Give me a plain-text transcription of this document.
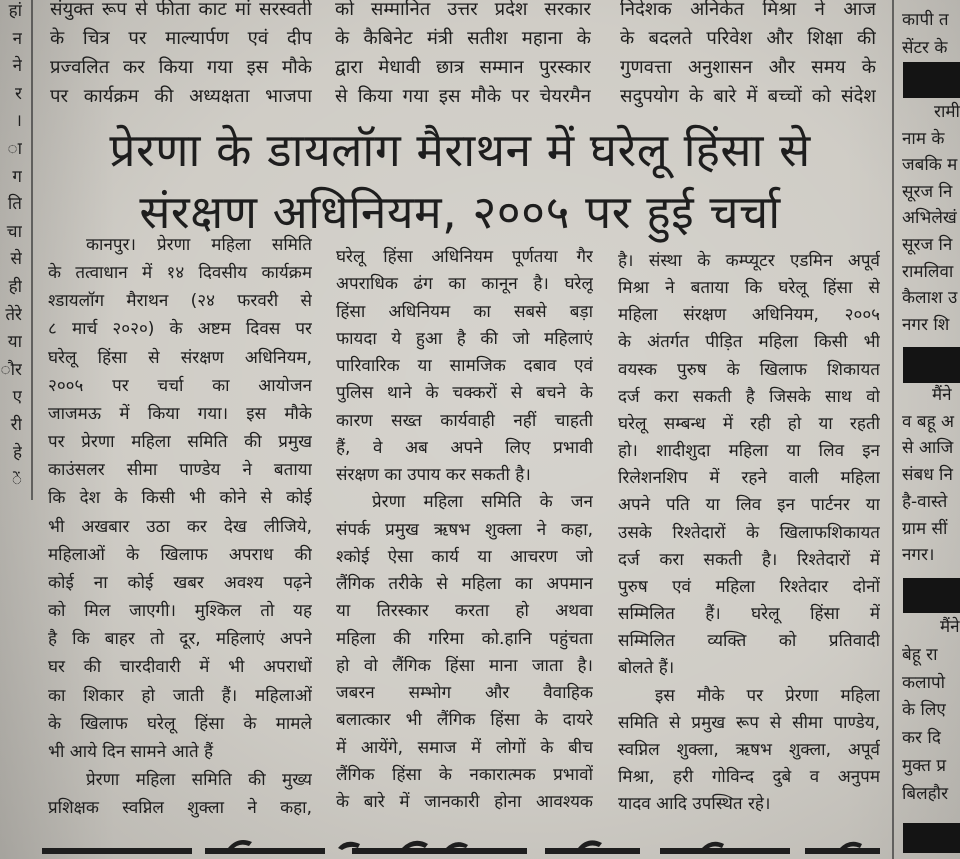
हां
न
ने
र
।
ा
ग
ति
चा
से
ही
तेरे
या
ौर
ए
री
हे
ें
संयुक्त रूप से फीता काट मां सरस्वती
के चित्र पर माल्यार्पण एवं दीप
प्रज्वलित कर किया गया इस मौके
पर कार्यक्रम की अध्यक्षता भाजपा
को सम्मानित उत्तर प्रदेश सरकार
के कैबिनेट मंत्री सतीश महाना के
द्वारा मेधावी छात्र सम्मान पुरस्कार
से किया गया इस मौके पर चेयरमैन
निदेशक अनिकेत मिश्रा ने आज
के बदलते परिवेश और शिक्षा की
गुणवत्ता अनुशासन और समय के
सदुपयोग के बारे में बच्चों को संदेश
प्रेरणा के डायलॉग मैराथन में घरेलू हिंसा से
संरक्षण अधिनियम, २००५ पर हुई चर्चा
कानपुर। प्रेरणा महिला समिति
के तत्वाधान में १४ दिवसीय कार्यक्रम
श्डायलॉग मैराथन (२४ फरवरी से
८ मार्च २०२०) के अष्टम दिवस पर
घरेलू हिंसा से संरक्षण अधिनियम,
२००५ पर चर्चा का आयोजन
जाजमऊ में किया गया। इस मौके
पर प्रेरणा महिला समिति की प्रमुख
काउंसलर सीमा पाण्डेय ने बताया
कि देश के किसी भी कोने से कोई
भी अखबार उठा कर देख लीजिये,
महिलाओं के खिलाफ अपराध की
कोई ना कोई खबर अवश्य पढ़ने
को मिल जाएगी। मुश्किल तो यह
है कि बाहर तो दूर, महिलाएं अपने
घर की चारदीवारी में भी अपराधों
का शिकार हो जाती हैं। महिलाओं
के खिलाफ घरेलू हिंसा के मामले
भी आये दिन सामने आते हैं
प्रेरणा महिला समिति की मुख्य
प्रशिक्षक स्वप्निल शुक्ला ने कहा,
घरेलू हिंसा अधिनियम पूर्णतया गैर
अपराधिक ढंग का कानून है। घरेलू
हिंसा अधिनियम का सबसे बड़ा
फायदा ये हुआ है की जो महिलाएं
पारिवारिक या सामजिक दबाव एवं
पुलिस थाने के चक्करों से बचने के
कारण सख्त कार्यवाही नहीं चाहती
हैं, वे अब अपने लिए प्रभावी
संरक्षण का उपाय कर सकती है।
प्रेरणा महिला समिति के जन
संपर्क प्रमुख ऋषभ शुक्ला ने कहा,
श्कोई ऐसा कार्य या आचरण जो
लैंगिक तरीके से महिला का अपमान
या तिरस्कार करता हो अथवा
महिला की गरिमा को.हानि पहुंचता
हो वो लैंगिक हिंसा माना जाता है।
जबरन सम्भोग और वैवाहिक
बलात्कार भी लैंगिक हिंसा के दायरे
में आयेंगे, समाज में लोगों के बीच
लैंगिक हिंसा के नकारात्मक प्रभावों
के बारे में जानकारी होना आवश्यक
है। संस्था के कम्प्यूटर एडमिन अपूर्व
मिश्रा ने बताया कि घरेलू हिंसा से
महिला संरक्षण अधिनियम, २००५
के अंतर्गत पीड़ित महिला किसी भी
वयस्क पुरुष के खिलाफ शिकायत
दर्ज करा सकती है जिसके साथ वो
घरेलू सम्बन्ध में रही हो या रहती
हो। शादीशुदा महिला या लिव इन
रिलेशनशिप में रहने वाली महिला
अपने पति या लिव इन पार्टनर या
उसके रिश्तेदारों के खिलाफशिकायत
दर्ज करा सकती है। रिश्तेदारों में
पुरुष एवं महिला रिश्तेदार दोनों
सम्मिलित हैं। घरेलू हिंसा में
सम्मिलित व्यक्ति को प्रतिवादी
बोलते हैं।
इस मौके पर प्रेरणा महिला
समिति से प्रमुख रूप से सीमा पाण्डेय,
स्वप्निल शुक्ला, ऋषभ शुक्ला, अपूर्व
मिश्रा, हरी गोविन्द दुबे व अनुपम
यादव आदि उपस्थित रहे।
कापी त
सेंटर के
रामी
नाम के
जबकि म
सूरज नि
अभिलेखं
सूरज नि
रामलिवा
कैलाश उ
नगर शि
मैंने
व बहू अ
से आजि
संबध नि
है-वास्ते
ग्राम सीं
नगर।
मैंने
बेहू रा
कलापो
के लिए
कर दि
मुक्त प्र
बिलहौर
